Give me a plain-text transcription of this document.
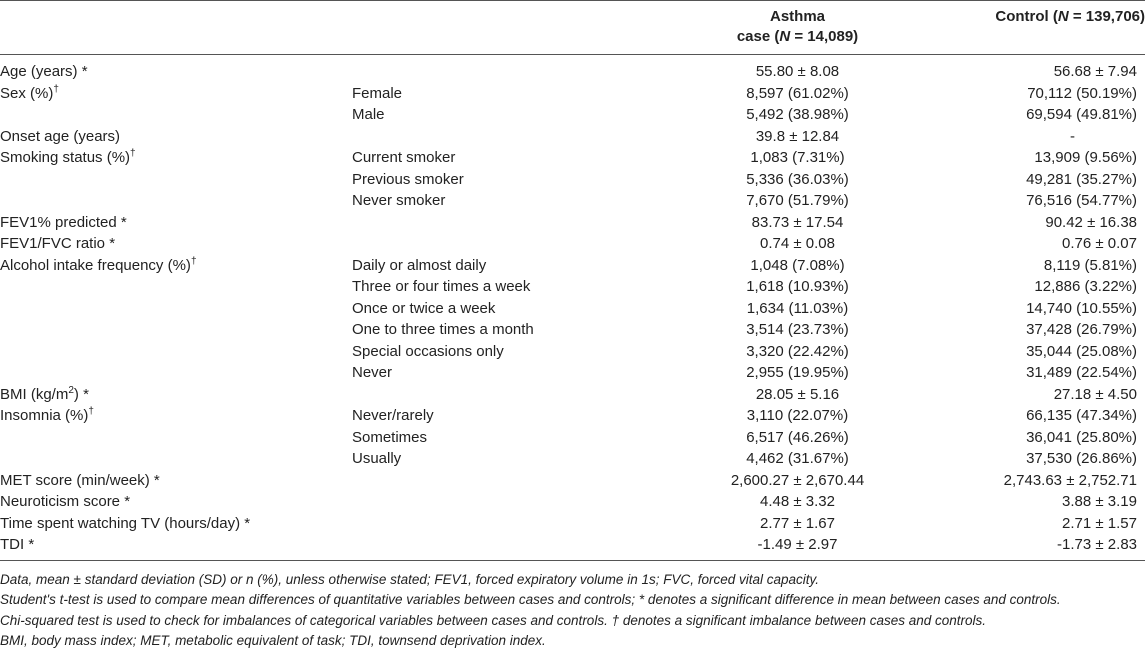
		Asthma
case (N = 14,089)	Control (N = 139,706)
Age (years) *		55.80 ± 8.08	56.68 ± 7.94
Sex (%)†	Female	8,597 (61.02%)	70,112 (50.19%)
	Male	5,492 (38.98%)	69,594 (49.81%)
Onset age (years)		39.8 ± 12.84	-
Smoking status (%)†	Current smoker	1,083 (7.31%)	13,909 (9.56%)
	Previous smoker	5,336 (36.03%)	49,281 (35.27%)
	Never smoker	7,670 (51.79%)	76,516 (54.77%)
FEV1% predicted *		83.73 ± 17.54	90.42 ± 16.38
FEV1/FVC ratio *		0.74 ± 0.08	0.76 ± 0.07
Alcohol intake frequency (%)†	Daily or almost daily	1,048 (7.08%)	8,119 (5.81%)
	Three or four times a week	1,618 (10.93%)	12,886 (3.22%)
	Once or twice a week	1,634 (11.03%)	14,740 (10.55%)
	One to three times a month	3,514 (23.73%)	37,428 (26.79%)
	Special occasions only	3,320 (22.42%)	35,044 (25.08%)
	Never	2,955 (19.95%)	31,489 (22.54%)
BMI $(kg/m^2)$ *		28.05 ± 5.16	27.18 ± 4.50
Insomnia (%)†	Never/rarely	3,110 (22.07%)	66,135 (47.34%)
	Sometimes	6,517 (46.26%)	36,041 (25.80%)
	Usually	4,462 (31.67%)	37,530 (26.86%)
MET score (min/week) *		2,600.27 ± 2,670.44	2,743.63 ± 2,752.71
Neuroticism score *		4.48 ± 3.32	3.88 ± 3.19
Time spent watching TV (hours/day) *		2.77 ± 1.67	2.71 ± 1.57
TDI *		-1.49 ± 2.97	-1.73 ± 2.83
Data, mean ± standard deviation (SD) or n (%), unless otherwise stated; FEV1, forced expiratory volume in 1s; FVC, forced vital capacity.
Student's t-test is used to compare mean differences of quantitative variables between cases and controls; * denotes a significant difference in mean between cases and controls.
Chi-squared test is used to check for imbalances of categorical variables between cases and controls. † denotes a significant imbalance between cases and controls.
BMI, body mass index; MET, metabolic equivalent of task; TDI, townsend deprivation index.
